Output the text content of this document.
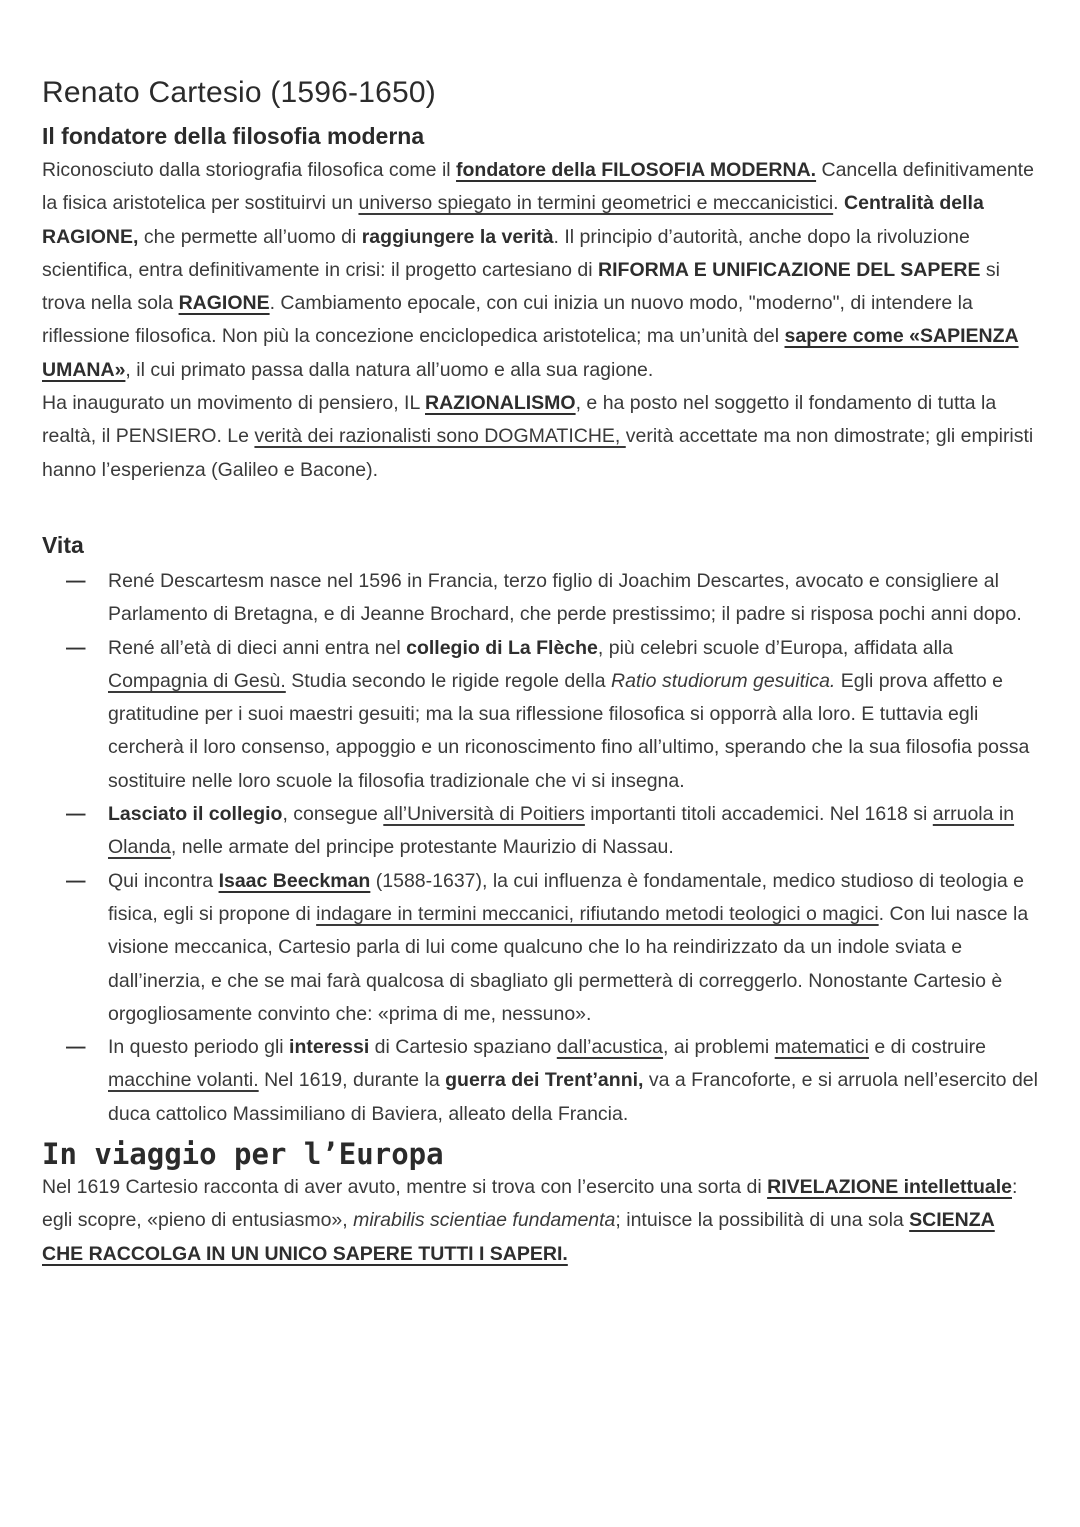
Renato Cartesio (1596-1650)
Il fondatore della filosofia moderna

Riconosciuto dalla storiografia filosofica come il fondatore della FILOSOFIA MODERNA. Cancella definitivamente la fisica aristotelica per sostituirvi un universo spiegato in termini geometrici e meccanicistici. Centralità della RAGIONE, che permette all’uomo di raggiungere la verità. Il principio d’autorità, anche dopo la rivoluzione scientifica, entra definitivamente in crisi: il progetto cartesiano di RIFORMA E UNIFICAZIONE DEL SAPERE si trova nella sola RAGIONE. Cambiamento epocale, con cui inizia un nuovo modo, "moderno", di intendere la riflessione filosofica. Non più la concezione enciclopedica aristotelica; ma un’unità del sapere come «SAPIENZA UMANA», il cui primato passa dalla natura all’uomo e alla sua ragione.

Ha inaugurato un movimento di pensiero, IL RAZIONALISMO, e ha posto nel soggetto il fondamento di tutta la realtà, il PENSIERO. Le verità dei razionalisti sono DOGMATICHE, verità accettate ma non dimostrate; gli empiristi hanno l’esperienza (Galileo e Bacone).

Vita
— René Descartesm nasce nel 1596 in Francia, terzo figlio di Joachim Descartes, avocato e consigliere al Parlamento di Bretagna, e di Jeanne Brochard, che perde prestissimo; il padre si risposa pochi anni dopo.
— René all’età di dieci anni entra nel collegio di La Flèche, più celebri scuole d’Europa, affidata alla Compagnia di Gesù. Studia secondo le rigide regole della Ratio studiorum gesuitica. Egli prova affetto e gratitudine per i suoi maestri gesuiti; ma la sua riflessione filosofica si opporrà alla loro. E tuttavia egli cercherà il loro consenso, appoggio e un riconoscimento fino all’ultimo, sperando che la sua filosofia possa sostituire nelle loro scuole la filosofia tradizionale che vi si insegna.
— Lasciato il collegio, consegue all’Università di Poitiers importanti titoli accademici. Nel 1618 si arruola in Olanda, nelle armate del principe protestante Maurizio di Nassau.
— Qui incontra Isaac Beeckman (1588-1637), la cui influenza è fondamentale, medico studioso di teologia e fisica, egli si propone di indagare in termini meccanici, rifiutando metodi teologici o magici. Con lui nasce la visione meccanica, Cartesio parla di lui come qualcuno che lo ha reindirizzato da un indole sviata e dall’inerzia, e che se mai farà qualcosa di sbagliato gli permetterà di correggerlo. Nonostante Cartesio è orgogliosamente convinto che: «prima di me, nessuno».
— In questo periodo gli interessi di Cartesio spaziano dall’acustica, ai problemi matematici e di costruire macchine volanti. Nel 1619, durante la guerra dei Trent’anni, va a Francoforte, e si arruola nell’esercito del duca cattolico Massimiliano di Baviera, alleato della Francia.
In viaggio per l’Europa

Nel 1619 Cartesio racconta di aver avuto, mentre si trova con l’esercito una sorta di RIVELAZIONE intellettuale: egli scopre, «pieno di entusiasmo», mirabilis scientiae fundamenta; intuisce la possibilità di una sola SCIENZA CHE RACCOLGA IN UN UNICO SAPERE TUTTI I SAPERI.
